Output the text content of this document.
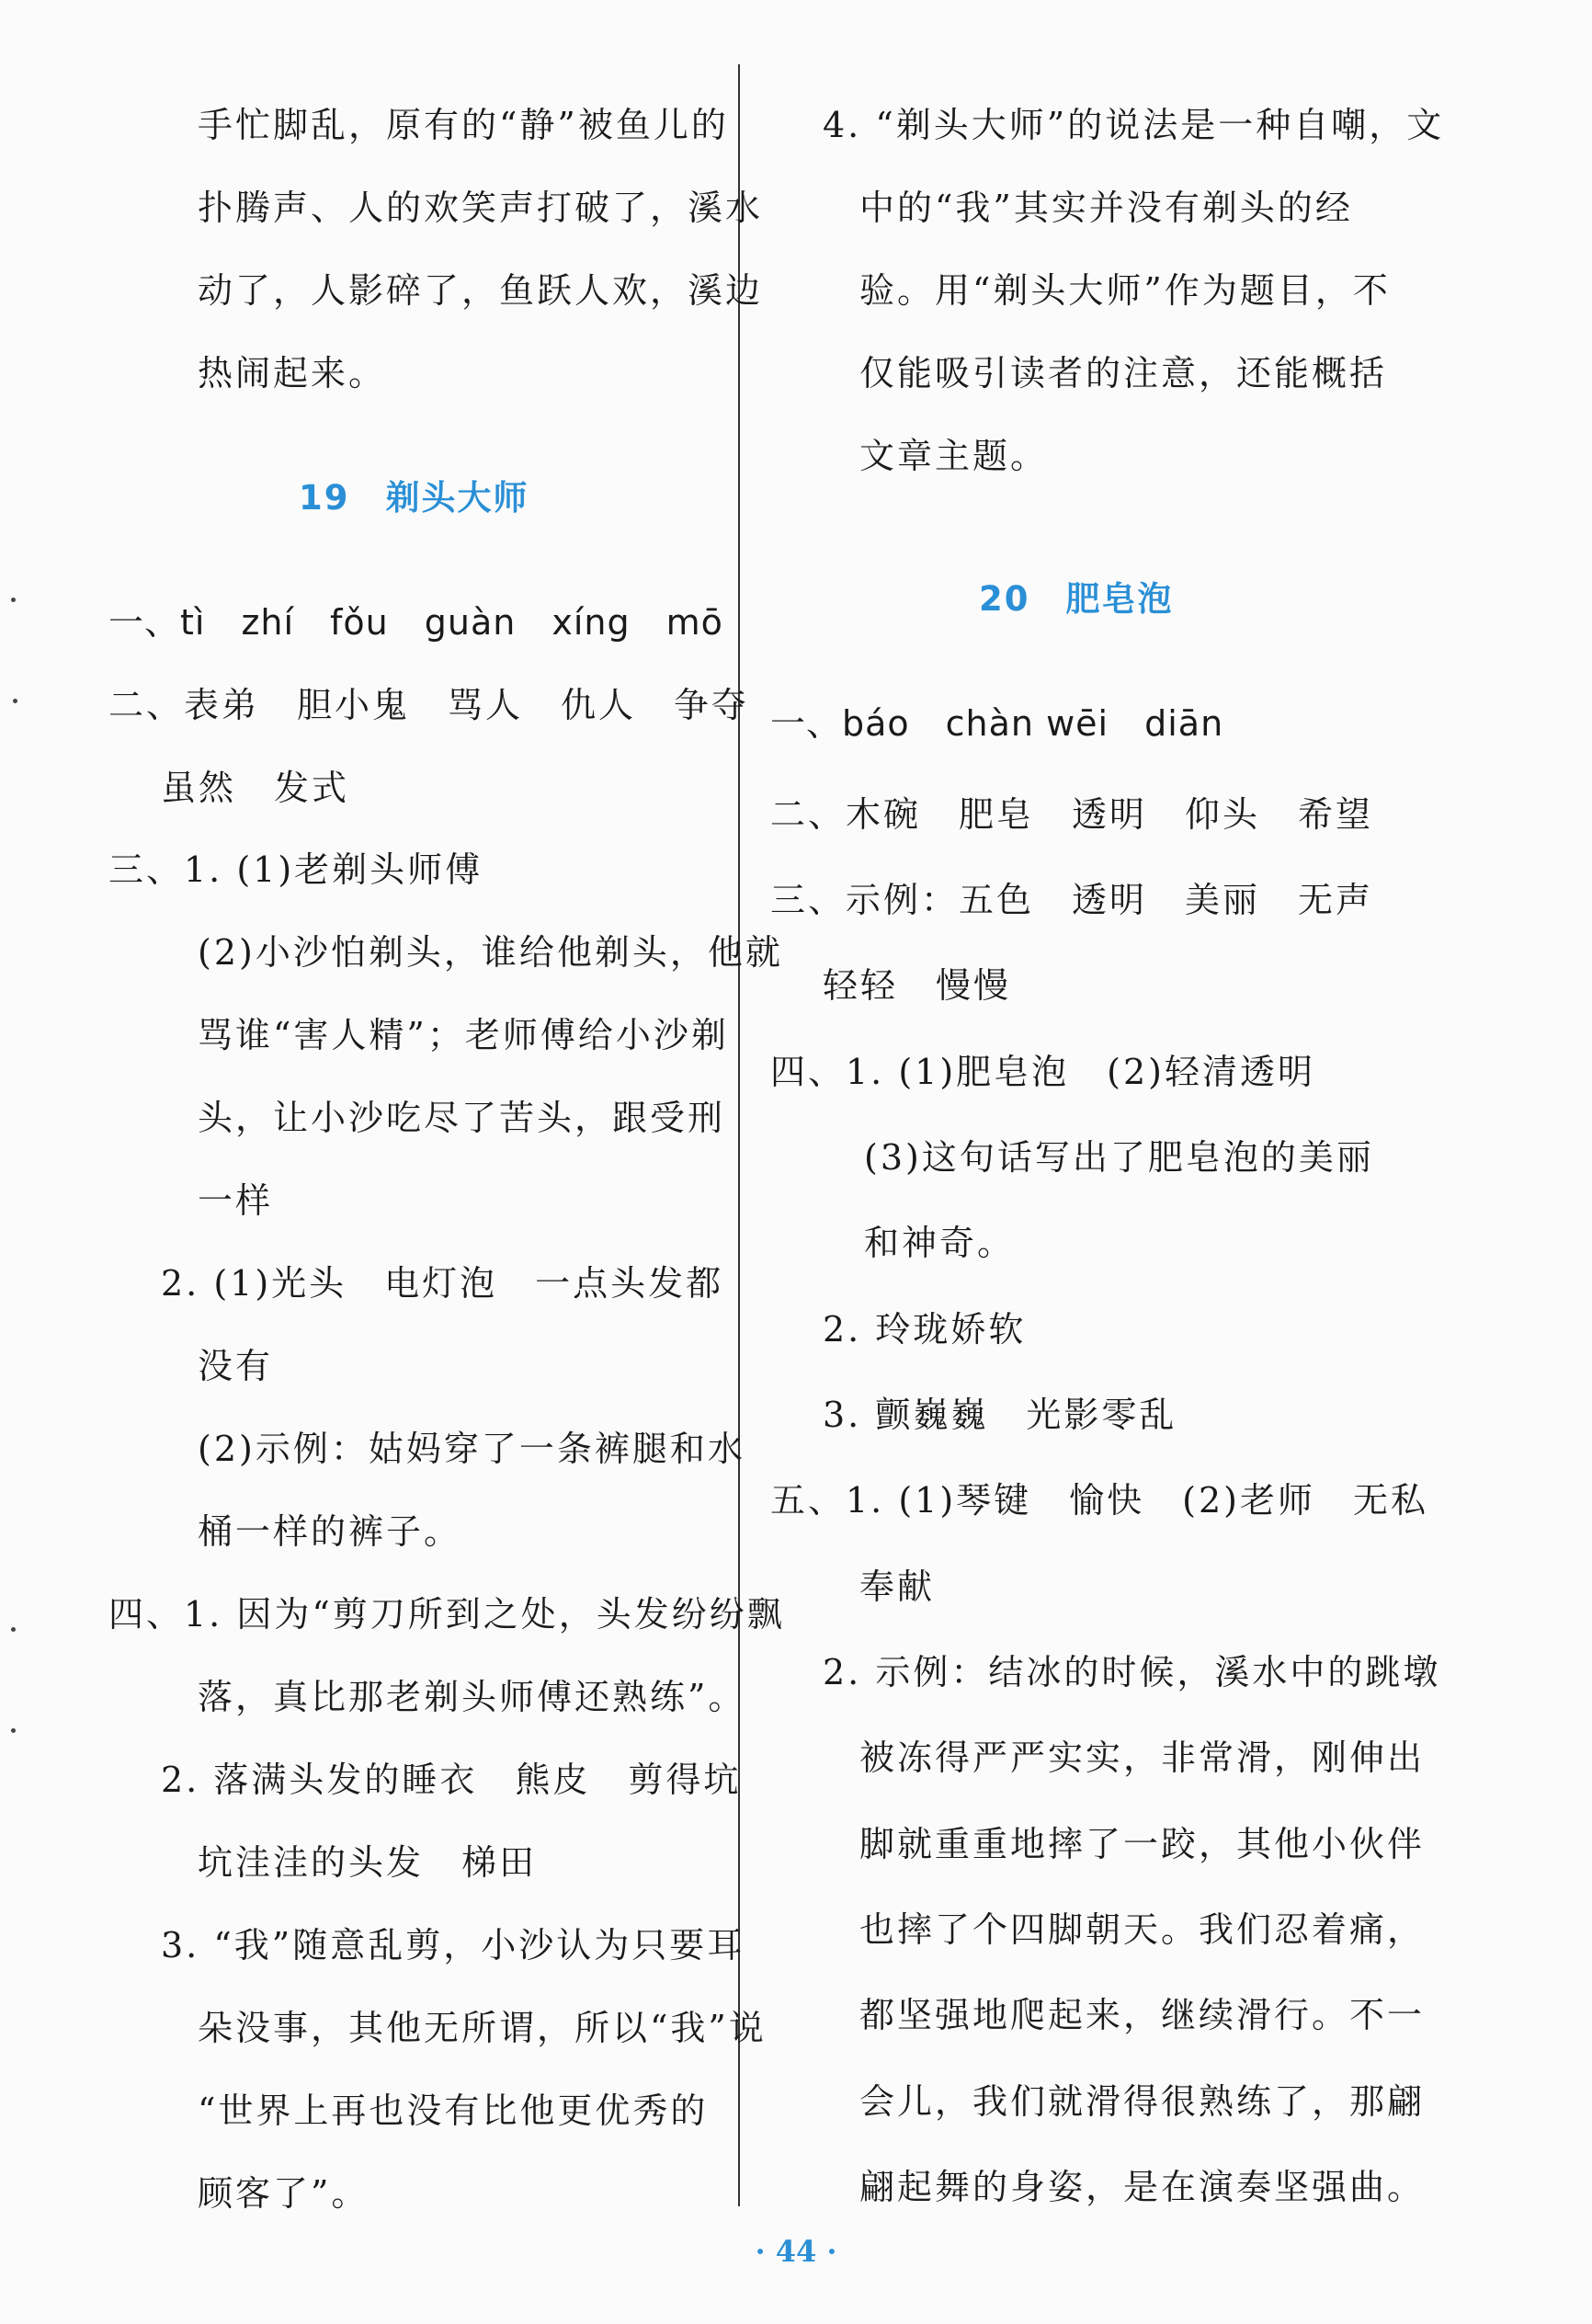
手忙脚乱，原有的“静”被鱼儿的
扑腾声、人的欢笑声打破了，溪水
动了，人影碎了，鱼跃人欢，溪边
热闹起来。
19　剃头大师
一、tì　zhí　fǒu　guàn　xíng　mō
二、表弟　胆小鬼　骂人　仇人　争夺
虽然　发式
三、1. (1)老剃头师傅
(2)小沙怕剃头，谁给他剃头，他就
骂谁“害人精”；老师傅给小沙剃
头，让小沙吃尽了苦头，跟受刑
一样
2. (1)光头　电灯泡　一点头发都
没有
(2)示例：姑妈穿了一条裤腿和水
桶一样的裤子。
四、1. 因为“剪刀所到之处，头发纷纷飘
落，真比那老剃头师傅还熟练”。
2. 落满头发的睡衣　熊皮　剪得坑
坑洼洼的头发　梯田
3. “我”随意乱剪，小沙认为只要耳
朵没事，其他无所谓，所以“我”说
“世界上再也没有比他更优秀的
顾客了”。
4. “剃头大师”的说法是一种自嘲，文
中的“我”其实并没有剃头的经
验。用“剃头大师”作为题目，不
仅能吸引读者的注意，还能概括
文章主题。
20　肥皂泡
一、báo　chàn wēi　diān
二、木碗　肥皂　透明　仰头　希望
三、示例：五色　透明　美丽　无声
轻轻　慢慢
四、1. (1)肥皂泡　(2)轻清透明
(3)这句话写出了肥皂泡的美丽
和神奇。
2. 玲珑娇软
3. 颤巍巍　光影零乱
五、1. (1)琴键　愉快　(2)老师　无私
奉献
2. 示例：结冰的时候，溪水中的跳墩
被冻得严严实实，非常滑，刚伸出
脚就重重地摔了一跤，其他小伙伴
也摔了个四脚朝天。我们忍着痛，
都坚强地爬起来，继续滑行。不一
会儿，我们就滑得很熟练了，那翩
翩起舞的身姿，是在演奏坚强曲。
· 44 ·
